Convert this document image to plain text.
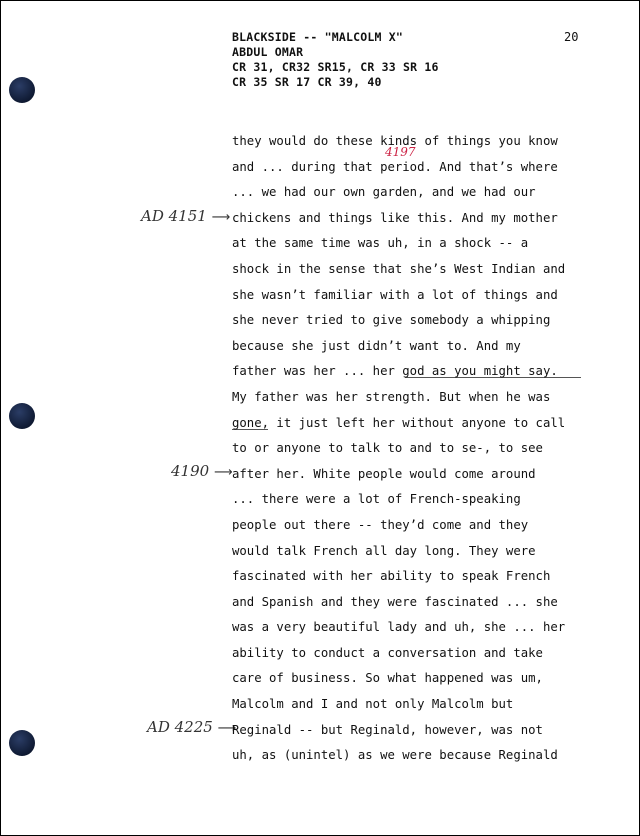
BLACKSIDE -- "MALCOLM X"
ABDUL OMAR
CR 31, CR32 SR15, CR 33 SR 16
CR 35 SR 17 CR 39, 40
20
4197
AD 4151 ⟶
4190 ⟶
AD 4225 ⟶
they would do these kinds of things you know
and ... during that period. And that’s where
... we had our own garden, and we had our
chickens and things like this. And my mother
at the same time was uh, in a shock -- a
shock in the sense that she’s West Indian and
she wasn’t familiar with a lot of things and
she never tried to give somebody a whipping
because she just didn’t want to. And my
father was her ... her god as you might say.
My father was her strength. But when he was
gone, it just left her without anyone to call
to or anyone to talk to and to se-, to see
after her. White people would come around
... there were a lot of French-speaking
people out there -- they’d come and they
would talk French all day long. They were
fascinated with her ability to speak French
and Spanish and they were fascinated ... she
was a very beautiful lady and uh, she ... her
ability to conduct a conversation and take
care of business. So what happened was um,
Malcolm and I and not only Malcolm but
Reginald -- but Reginald, however, was not
uh, as (unintel) as we were because Reginald
